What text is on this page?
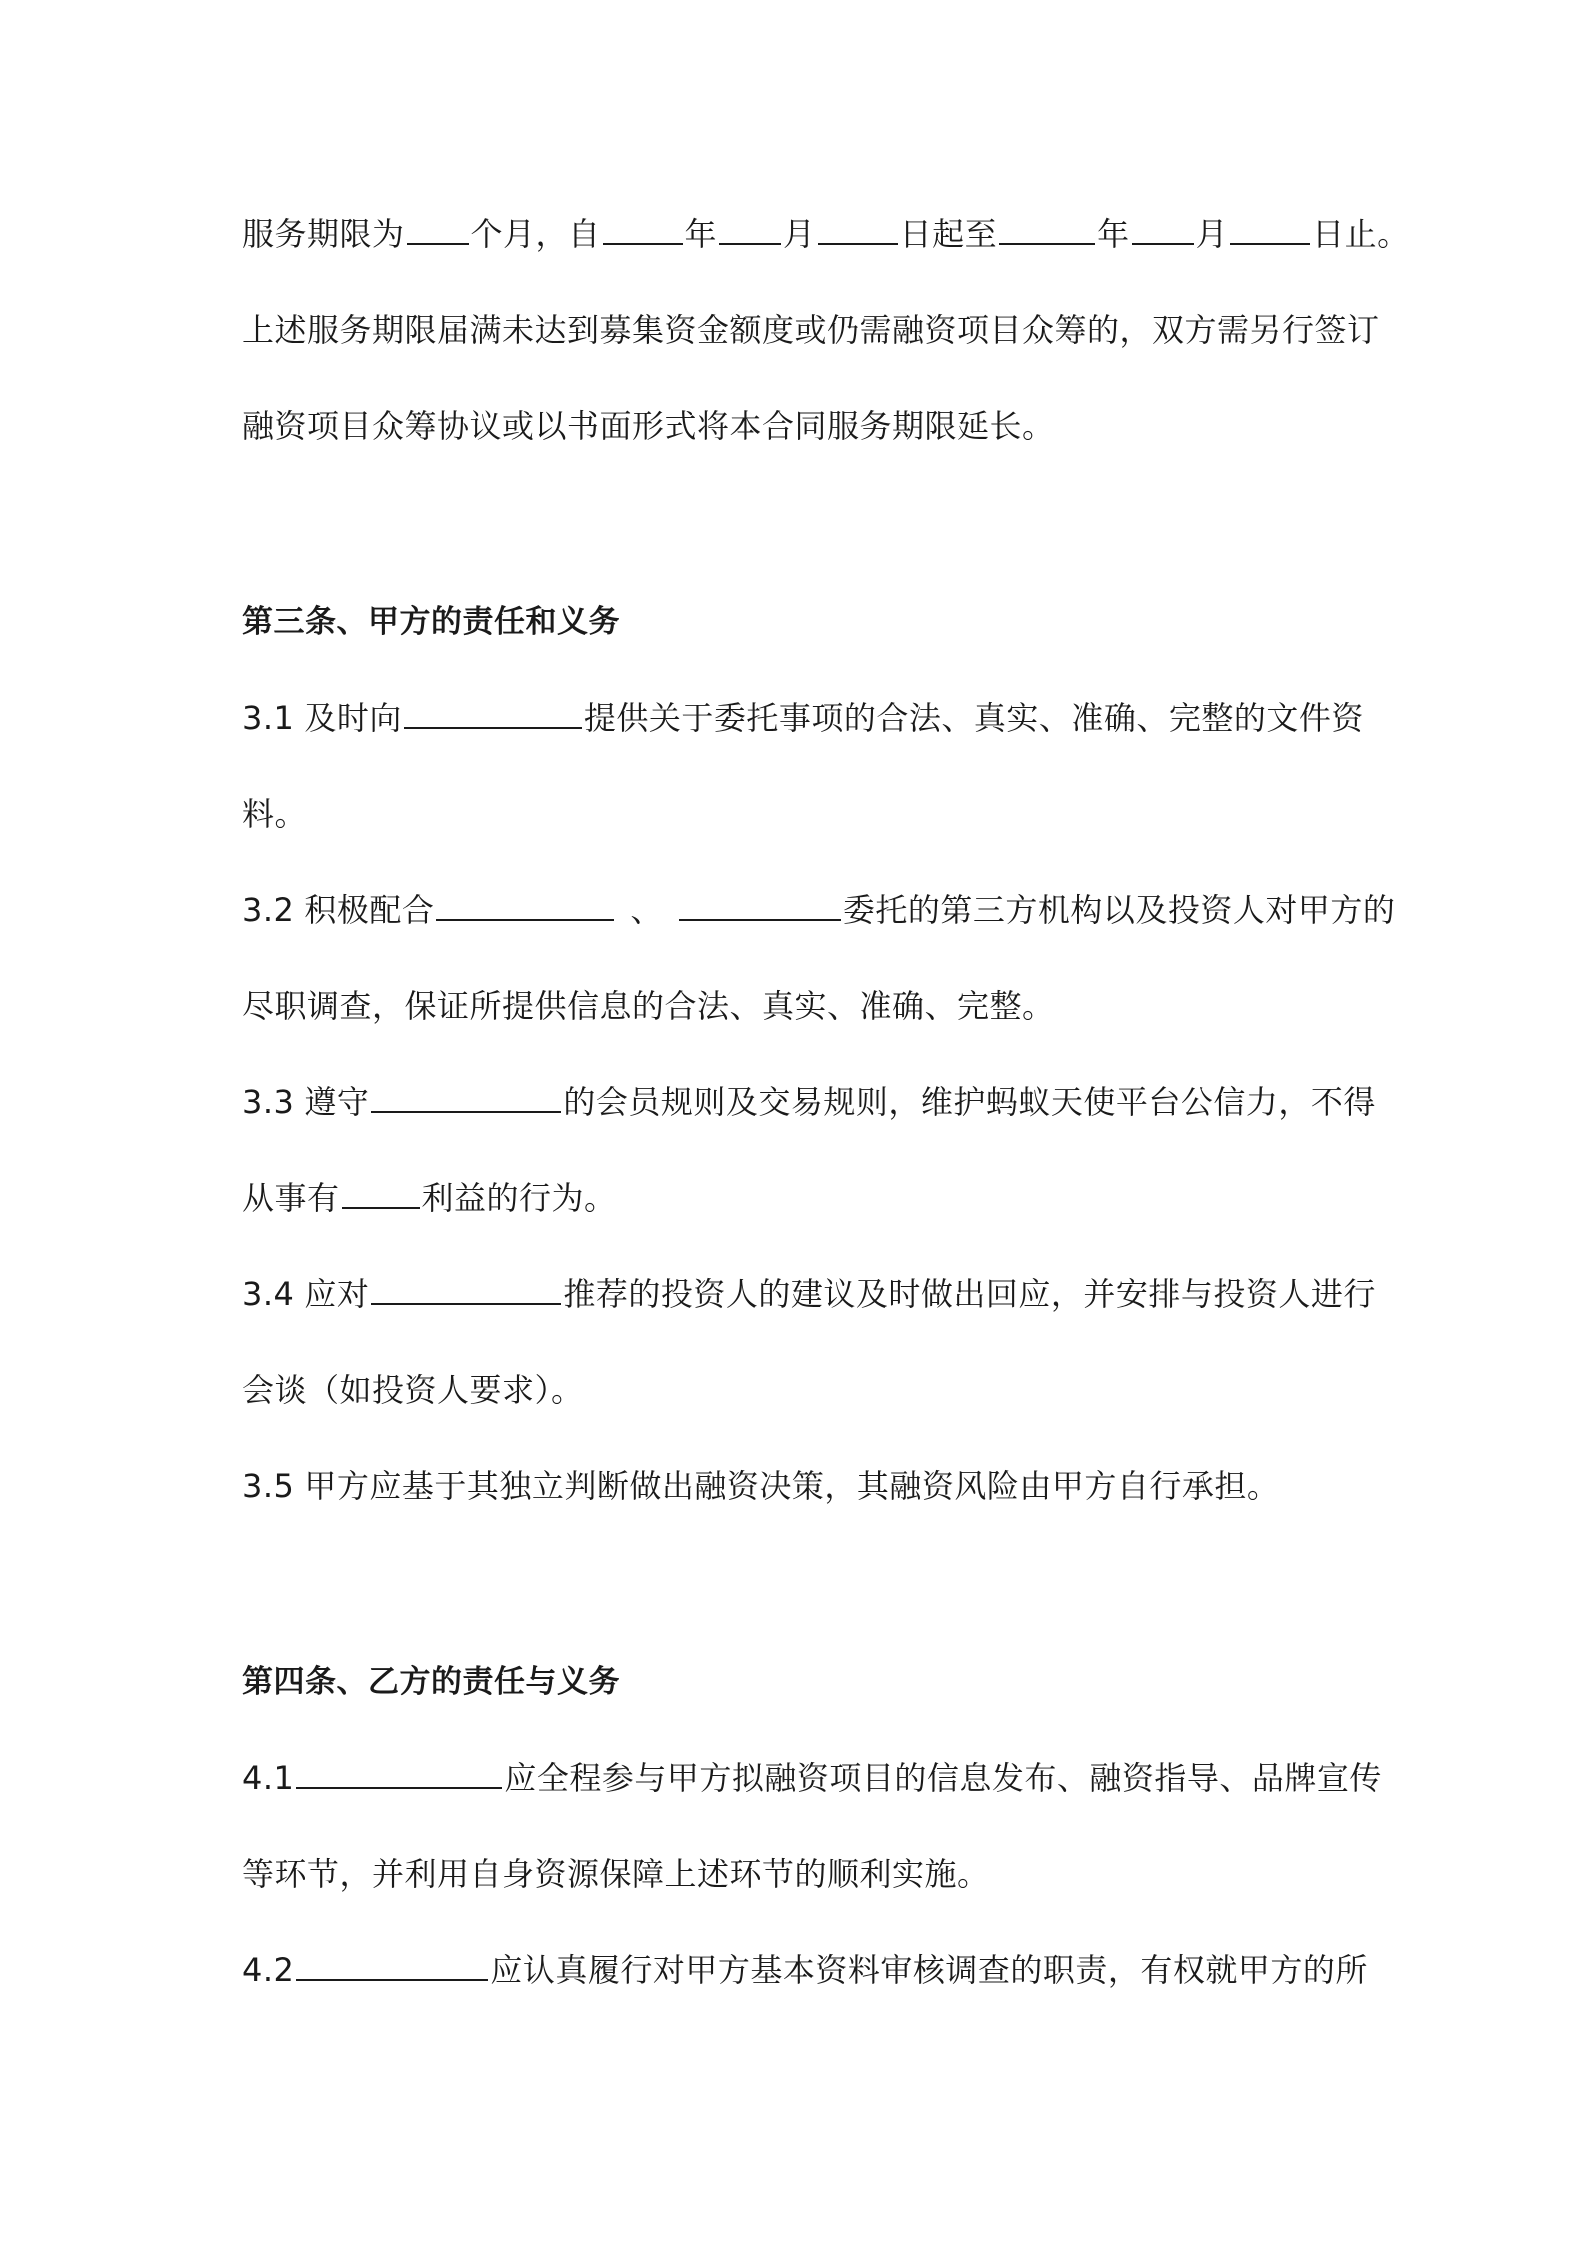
服务期限为 个月，自	年 月	日起至	年 月	日止。
上述服务期限届满未达到募集资金额度或仍需融资项目众筹的，双方需另行签订
融资项目众筹协议或以书面形式将本合同服务期限延长。
第三条、甲方的责任和义务
3.1 及时向	提供关于委托事项的合法、真实、准确、完整的文件资
料。
3.2 积极配合	、	委托的第三方机构以及投资人对甲方的
尽职调查，保证所提供信息的合法、真实、准确、完整。
3.3 遵守	的会员规则及交易规则，维护蚂蚁天使平台公信力，不得
从事有	利益的行为。
3.4 应对	推荐的投资人的建议及时做出回应，并安排与投资人进行
会谈（如投资人要求）。
3.5 甲方应基于其独立判断做出融资决策，其融资风险由甲方自行承担。
第四条、乙方的责任与义务
4.1	应全程参与甲方拟融资项目的信息发布、融资指导、品牌宣传
等环节，并利用自身资源保障上述环节的顺利实施。
4.2	应认真履行对甲方基本资料审核调查的职责，有权就甲方的所
